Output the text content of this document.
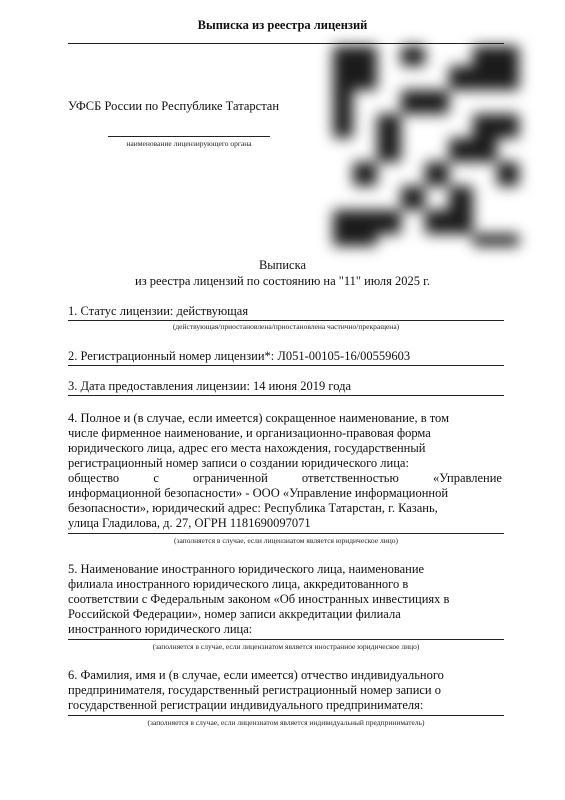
Выписка из реестра лицензий
УФСБ России по Республике Татарстан
наименование лицензирующего органа
Выписка
из реестра лицензий по состоянию на "11" июля 2025 г.
1. Статус лицензии: действующая
(действующая/приостановлена/приостановлена частично/прекращена)
2. Регистрационный номер лицензии*: Л051-00105-16/00559603
3. Дата предоставления лицензии: 14 июня 2019 года
4. Полное и (в случае, если имеется) сокращенное наименование, в том
числе фирменное наименование, и организационно-правовая форма
юридического лица, адрес его места нахождения, государственный
регистрационный номер записи о создании юридического лица:
общество	с	ограниченной	ответственностью	«Управление
информационной безопасности» - ООО «Управление информационной
безопасности», юридический адрес: Республика Татарстан, г. Казань,
улица Гладилова, д. 27, ОГРН 1181690097071
(заполняется в случае, если лицензиатом является юридическое лицо)
5. Наименование иностранного юридического лица, наименование
филиала иностранного юридического лица, аккредитованного в
соответствии с Федеральным законом «Об иностранных инвестициях в
Российской Федерации», номер записи аккредитации филиала
иностранного юридического лица:
(заполняется в случае, если лицензиатом является иностранное юридическое лицо)
6. Фамилия, имя и (в случае, если имеется) отчество индивидуального
предпринимателя, государственный регистрационный номер записи о
государственной регистрации индивидуального предпринимателя:
(заполняется в случае, если лицензиатом является индивидуальный предприниматель)
